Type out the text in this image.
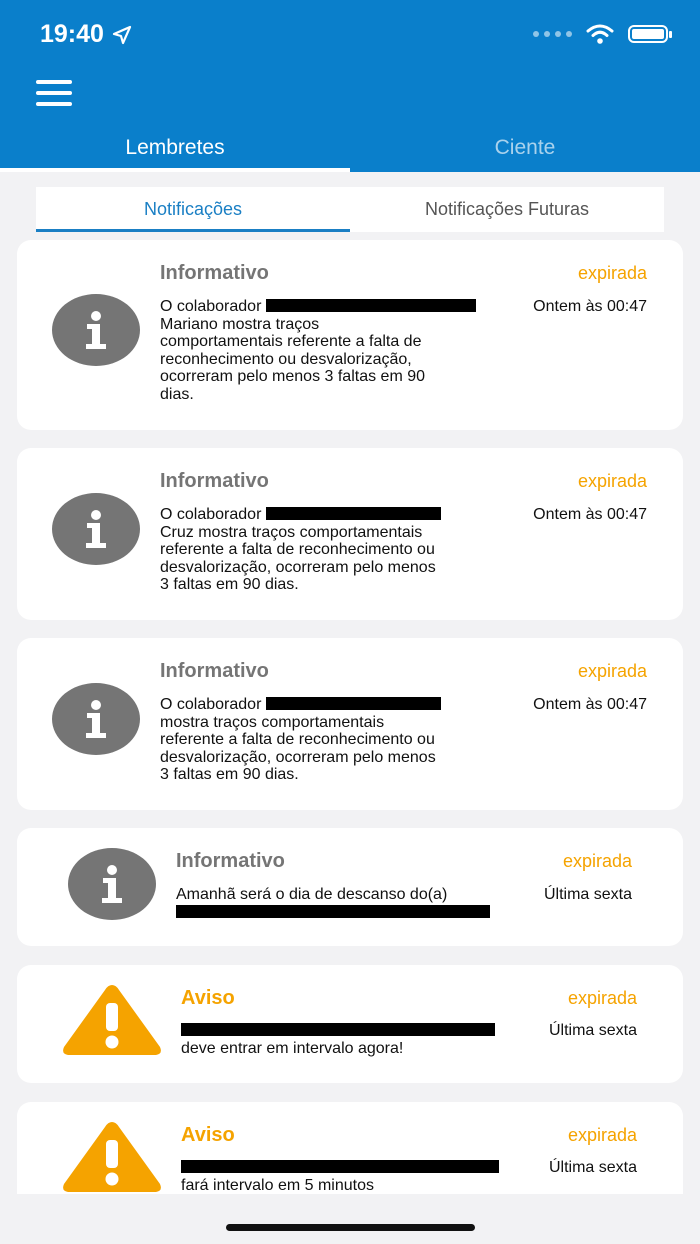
19:40
Lembretes	Ciente
Notificações	Notificações Futuras
Informativo	expirada
Ontem às 00:47
O colaborador
Mariano mostra traços
comportamentais referente a falta de
reconhecimento ou desvalorização,
ocorreram pelo menos 3 faltas em 90
dias.
Informativo	expirada
Ontem às 00:47
O colaborador
Cruz mostra traços comportamentais
referente a falta de reconhecimento ou
desvalorização, ocorreram pelo menos
3 faltas em 90 dias.
Informativo	expirada
Ontem às 00:47
O colaborador
mostra traços comportamentais
referente a falta de reconhecimento ou
desvalorização, ocorreram pelo menos
3 faltas em 90 dias.
Informativo	expirada
Última sexta
Amanhã será o dia de descanso do(a)

Aviso	expirada
Última sexta

deve entrar em intervalo agora!
Aviso	expirada
Última sexta

fará intervalo em 5 minutos
